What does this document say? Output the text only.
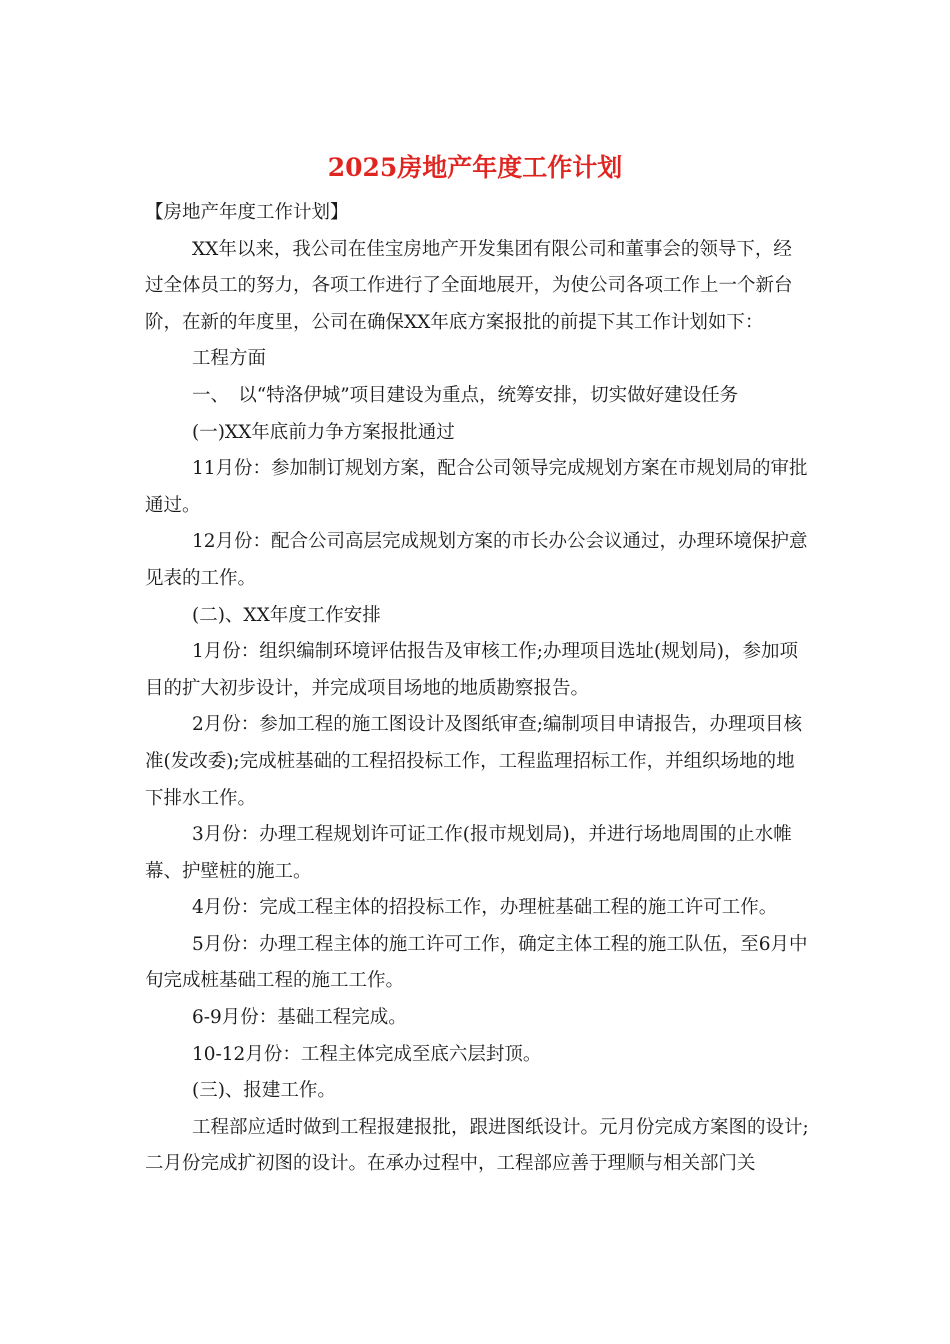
2025房地产年度工作计划

【房地产年度工作计划】

XX年以来，我公司在佳宝房地产开发集团有限公司和董事会的领导下，经过全体员工的努力，各项工作进行了全面地展开，为使公司各项工作上一个新台阶，在新的年度里，公司在确保XX年底方案报批的前提下其工作计划如下：

工程方面

一、　以“特洛伊城”项目建设为重点，统筹安排，切实做好建设任务

(一)XX年底前力争方案报批通过

11月份：参加制订规划方案，配合公司领导完成规划方案在市规划局的审批通过。

12月份：配合公司高层完成规划方案的市长办公会议通过，办理环境保护意见表的工作。

(二)、XX年度工作安排

1月份：组织编制环境评估报告及审核工作;办理项目选址(规划局)，参加项目的扩大初步设计，并完成项目场地的地质勘察报告。

2月份：参加工程的施工图设计及图纸审查;编制项目申请报告，办理项目核准(发改委);完成桩基础的工程招投标工作，工程监理招标工作，并组织场地的地下排水工作。

3月份：办理工程规划许可证工作(报市规划局)，并进行场地周围的止水帷幕、护壁桩的施工。

4月份：完成工程主体的招投标工作，办理桩基础工程的施工许可工作。

5月份：办理工程主体的施工许可工作，确定主体工程的施工队伍，至6月中旬完成桩基础工程的施工工作。

6-9月份：基础工程完成。

10-12月份：工程主体完成至底六层封顶。

(三)、报建工作。

工程部应适时做到工程报建报批，跟进图纸设计。元月份完成方案图的设计;二月份完成扩初图的设计。在承办过程中，工程部应善于理顺与相关部门关
